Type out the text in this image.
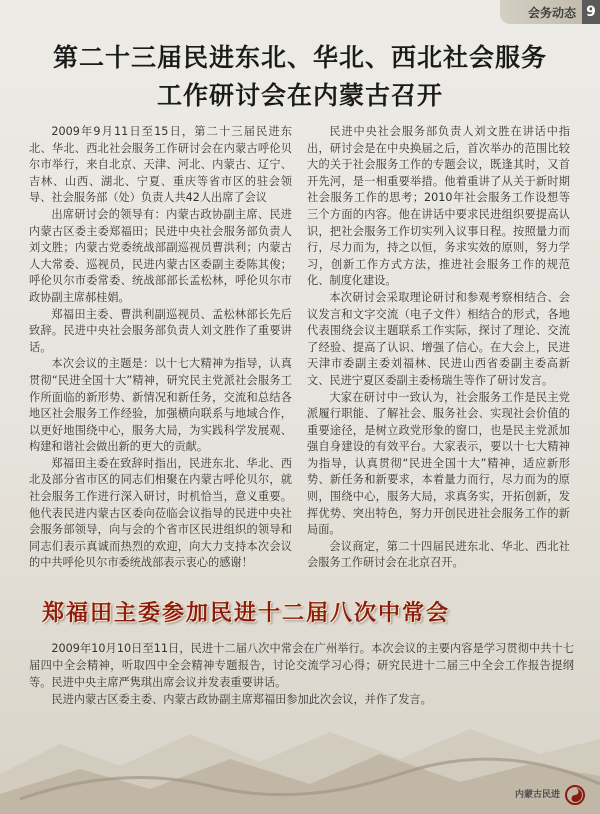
会务动态 9
第二十三届民进东北、华北、西北社会服务
工作研讨会在内蒙古召开

2009年9月11日至15日，第二十三届民进东北、华北、西北社会服务工作研讨会在内蒙古呼伦贝尔市举行，来自北京、天津、河北、内蒙古、辽宁、吉林、山西、湖北、宁夏、重庆等省市区的驻会领导、社会服务部（处）负责人共42人出席了会议

出席研讨会的领导有：内蒙古政协副主席、民进内蒙古区委主委郑福田；民进中央社会服务部负责人刘文胜；内蒙古党委统战部副巡视员曹洪利；内蒙古人大常委、巡视员，民进内蒙古区委副主委陈其俊；呼伦贝尔市委常委、统战部部长孟松林，呼伦贝尔市政协副主席郝桂娟。

郑福田主委、曹洪利副巡视员、孟松林部长先后致辞。民进中央社会服务部负责人刘文胜作了重要讲话。

本次会议的主题是：以十七大精神为指导，认真贯彻“民进全国十大”精神，研究民主党派社会服务工作所面临的新形势、新情况和新任务，交流和总结各地区社会服务工作经验，加强横向联系与地域合作，以更好地围绕中心，服务大局，为实践科学发展观、构建和谐社会做出新的更大的贡献。

郑福田主委在致辞时指出，民进东北、华北、西北及部分省市区的同志们相聚在内蒙古呼伦贝尔，就社会服务工作进行深入研讨，时机恰当，意义重要。他代表民进内蒙古区委向莅临会议指导的民进中央社会服务部领导，向与会的个省市区民进组织的领导和同志们表示真诚而热烈的欢迎，向大力支持本次会议的中共呼伦贝尔市委统战部表示衷心的感谢！

民进中央社会服务部负责人刘文胜在讲话中指出，研讨会是在中央换届之后，首次举办的范围比较大的关于社会服务工作的专题会议，既逢其时，又首开先河，是一相重要举措。他着重讲了从关于新时期社会服务工作的思考；2010年社会服务工作设想等三个方面的内容。他在讲话中要求民进组织要提高认识，把社会服务工作切实列入议事日程。按照量力而行，尽力而为，持之以恒，务求实效的原则，努力学习，创新工作方式方法，推进社会服务工作的规范化、制度化建设。

本次研讨会采取理论研讨和参观考察相结合、会议发言和文字交流（电子文件）相结合的形式，各地代表围绕会议主题联系工作实际，探讨了理论、交流了经验、提高了认识、增强了信心。在大会上，民进天津市委副主委刘福林、民进山西省委副主委高新文、民进宁夏区委副主委杨瑞生等作了研讨发言。

大家在研讨中一致认为，社会服务工作是民主党派履行职能、了解社会、服务社会、实现社会价值的重要途径，是树立政党形象的窗口，也是民主党派加强自身建设的有效平台。大家表示，要以十七大精神为指导，认真贯彻“民进全国十大”精神，适应新形势、新任务和新要求，本着量力而行，尽力而为的原则，围绕中心，服务大局，求真务实，开拓创新，发挥优势、突出特色，努力开创民进社会服务工作的新局面。

会议商定，第二十四届民进东北、华北、西北社会服务工作研讨会在北京召开。

郑福田主委参加民进十二届八次中常会

2009年10月10日至11日，民进十二届八次中常会在广州举行。本次会议的主要内容是学习贯彻中共十七届四中全会精神，听取四中全会精神专题报告，讨论交流学习心得；研究民进十二届三中全会工作报告提纲等。民进中央主席严隽琪出席会议并发表重要讲话。

民进内蒙古区委主委、内蒙古政协副主席郑福田参加此次会议，并作了发言。

内蒙古民进
